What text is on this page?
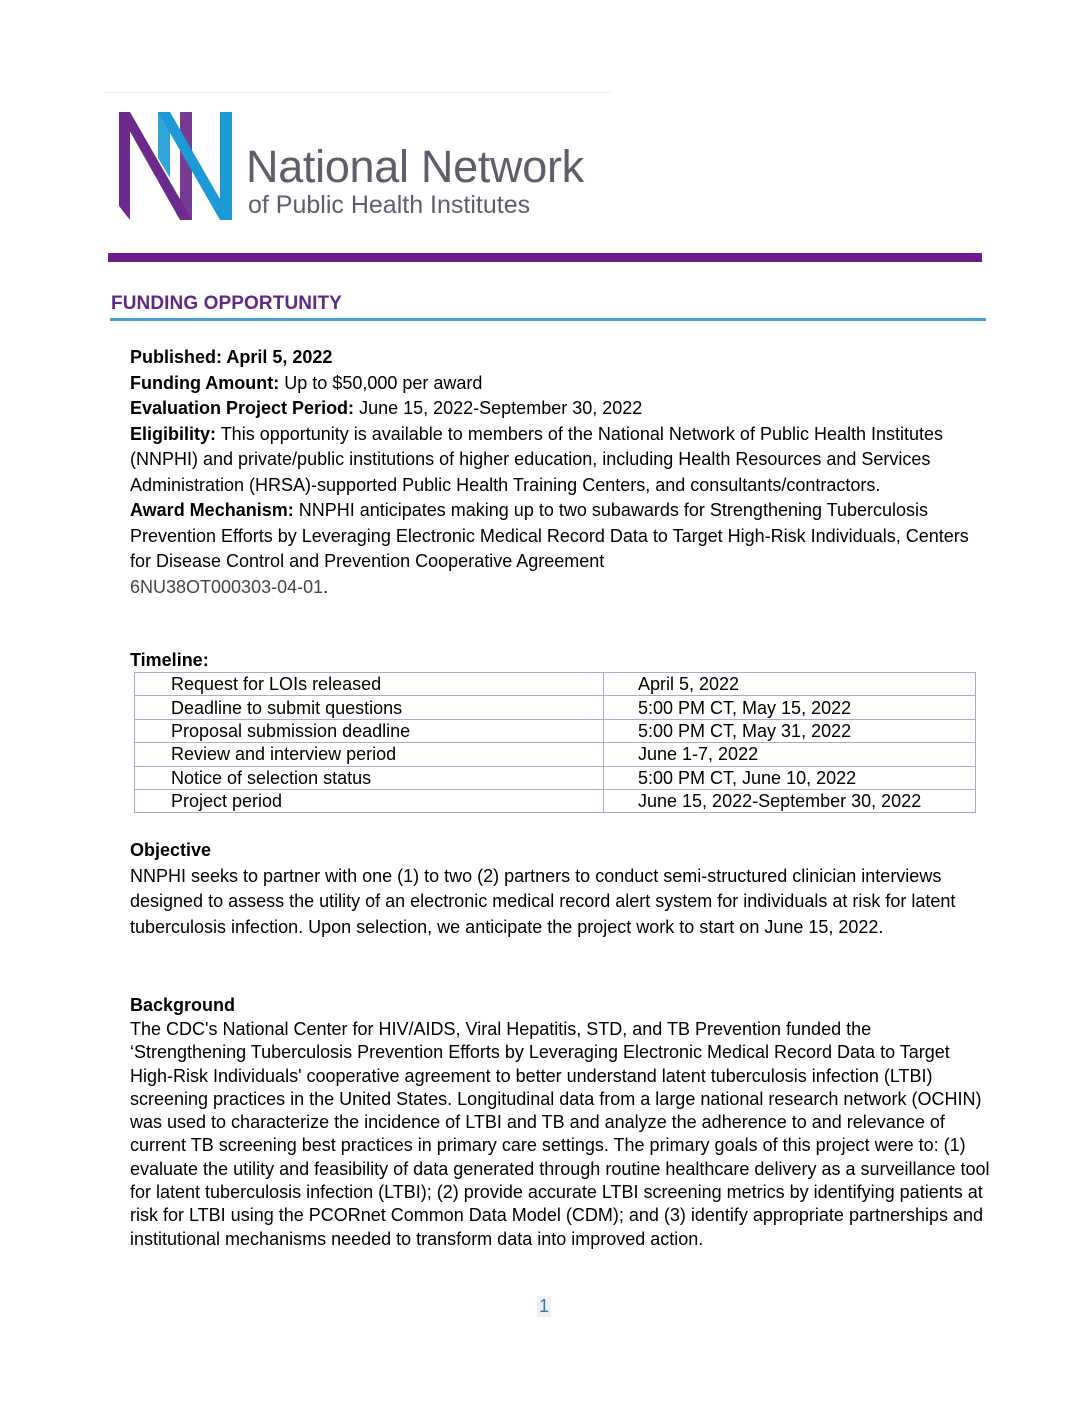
National Network
of Public Health Institutes
FUNDING OPPORTUNITY

Published: April 5, 2022

Funding Amount: Up to $50,000 per award

Evaluation Project Period: June 15, 2022-September 30, 2022

Eligibility: This opportunity is available to members of the National Network of Public Health Institutes (NNPHI) and private/public institutions of higher education, including Health Resources and Services Administration (HRSA)-supported Public Health Training Centers, and consultants/contractors.

Award Mechanism: NNPHI anticipates making up to two subawards for Strengthening Tuberculosis Prevention Efforts by Leveraging Electronic Medical Record Data to Target High-Risk Individuals, Centers for Disease Control and Prevention Cooperative Agreement
6NU38OT000303-04-01.

Timeline:
Request for LOIs released	April 5, 2022
Deadline to submit questions	5:00 PM CT, May 15, 2022
Proposal submission deadline	5:00 PM CT, May 31, 2022
Review and interview period	June 1-7, 2022
Notice of selection status	5:00 PM CT, June 10, 2022
Project period	June 15, 2022-September 30, 2022

Objective

NNPHI seeks to partner with one (1) to two (2) partners to conduct semi-structured clinician interviews designed to assess the utility of an electronic medical record alert system for individuals at risk for latent tuberculosis infection. Upon selection, we anticipate the project work to start on June 15, 2022.

Background

The CDC's National Center for HIV/AIDS, Viral Hepatitis, STD, and TB Prevention funded the ‘Strengthening Tuberculosis Prevention Efforts by Leveraging Electronic Medical Record Data to Target High-Risk Individuals' cooperative agreement to better understand latent tuberculosis infection (LTBI) screening practices in the United States. Longitudinal data from a large national research network (OCHIN) was used to characterize the incidence of LTBI and TB and analyze the adherence to and relevance of current TB screening best practices in primary care settings. The primary goals of this project were to: (1) evaluate the utility and feasibility of data generated through routine healthcare delivery as a surveillance tool for latent tuberculosis infection (LTBI); (2) provide accurate LTBI screening metrics by identifying patients at risk for LTBI using the PCORnet Common Data Model (CDM); and (3) identify appropriate partnerships and institutional mechanisms needed to transform data into improved action.

1
